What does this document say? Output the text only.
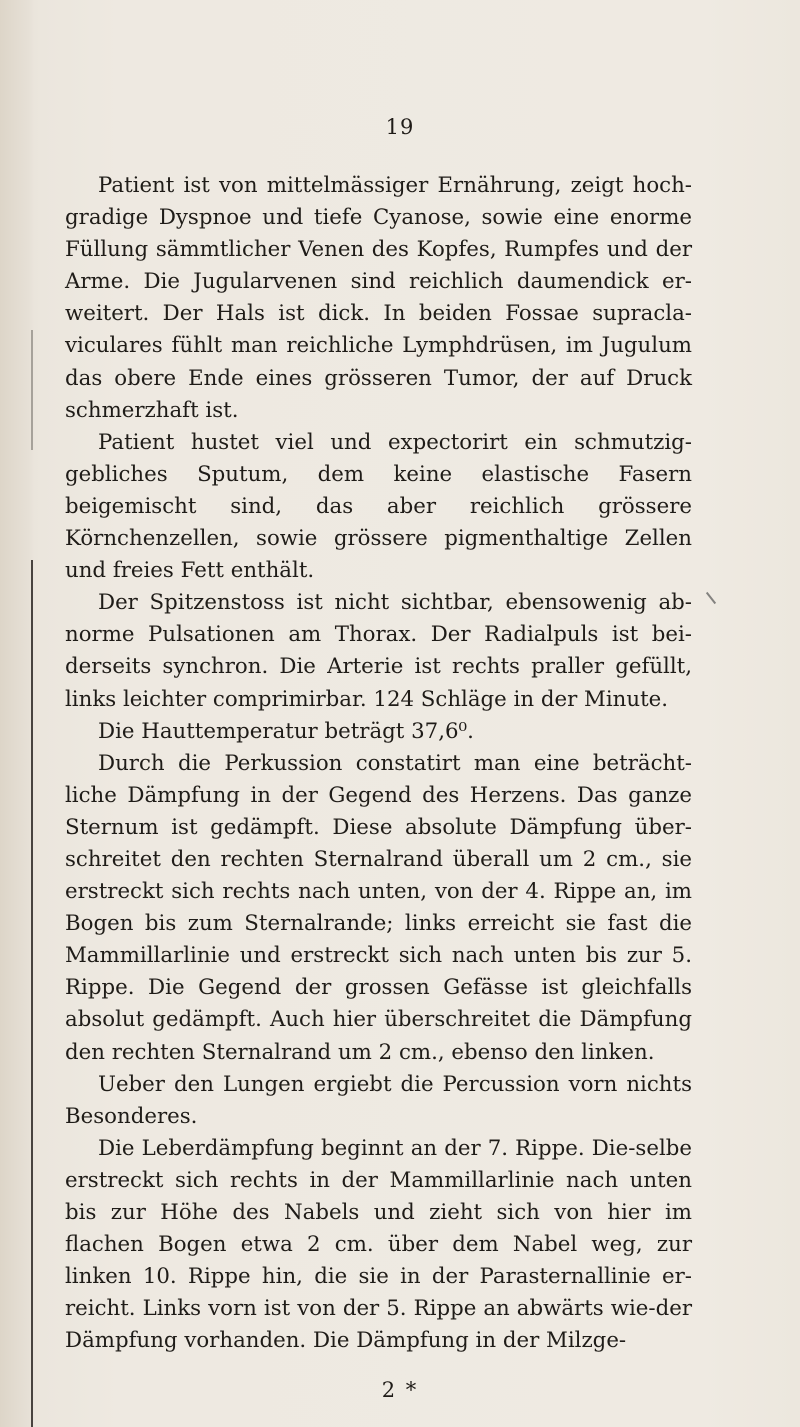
19

Patient ist von mittelmässiger Ernährung, zeigt hoch-gradige Dyspnoe und tiefe Cyanose, sowie eine enorme Füllung sämmtlicher Venen des Kopfes, Rumpfes und der Arme. Die Jugularvenen sind reichlich daumendick er-weitert. Der Hals ist dick. In beiden Fossae supracla-viculares fühlt man reichliche Lymphdrüsen, im Jugulum das obere Ende eines grösseren Tumor, der auf Druck schmerzhaft ist.

Patient hustet viel und expectorirt ein schmutzig-gebliches Sputum, dem keine elastische Fasern beigemischt sind, das aber reichlich grössere Körnchenzellen, sowie grössere pigmenthaltige Zellen und freies Fett enthält.

Der Spitzenstoss ist nicht sichtbar, ebensowenig ab-norme Pulsationen am Thorax. Der Radialpuls ist bei-derseits synchron. Die Arterie ist rechts praller gefüllt, links leichter comprimirbar. 124 Schläge in der Minute.

Die Hauttemperatur beträgt 37,6⁰.

Durch die Perkussion constatirt man eine beträcht-liche Dämpfung in der Gegend des Herzens. Das ganze Sternum ist gedämpft. Diese absolute Dämpfung über-schreitet den rechten Sternalrand überall um 2 cm., sie erstreckt sich rechts nach unten, von der 4. Rippe an, im Bogen bis zum Sternalrande; links erreicht sie fast die Mammillarlinie und erstreckt sich nach unten bis zur 5. Rippe. Die Gegend der grossen Gefässe ist gleichfalls absolut gedämpft. Auch hier überschreitet die Dämpfung den rechten Sternalrand um 2 cm., ebenso den linken.

Ueber den Lungen ergiebt die Percussion vorn nichts Besonderes.

Die Leberdämpfung beginnt an der 7. Rippe. Die-selbe erstreckt sich rechts in der Mammillarlinie nach unten bis zur Höhe des Nabels und zieht sich von hier im flachen Bogen etwa 2 cm. über dem Nabel weg, zur linken 10. Rippe hin, die sie in der Parasternallinie er-reicht. Links vorn ist von der 5. Rippe an abwärts wie-der Dämpfung vorhanden. Die Dämpfung in der Milzge-

2 *
